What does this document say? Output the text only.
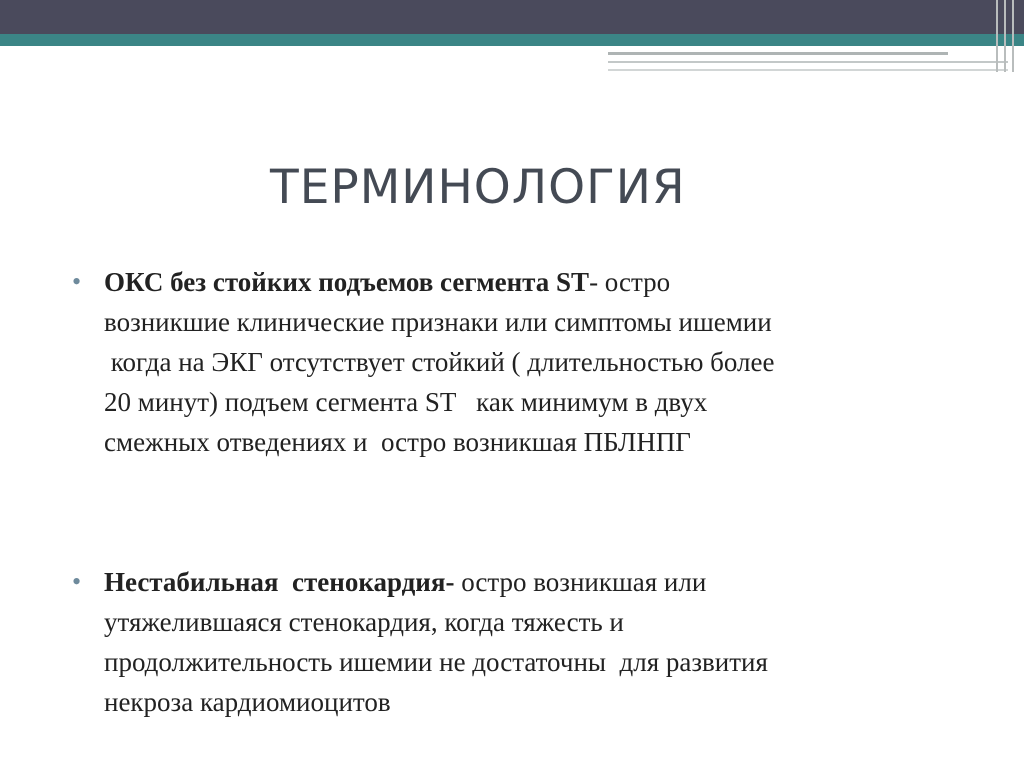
ТЕРМИНОЛОГИЯ
• ОКС без стойких подъемов сегмента ST- остро
возникшие клинические признаки или симптомы ишемии
когда на ЭКГ отсутствует стойкий ( длительностью более
20 минут) подъем сегмента ST   как минимум в двух
смежных отведениях и  остро возникшая ПБЛНПГ
• Нестабильная  стенокардия- остро возникшая или
утяжелившаяся стенокардия, когда тяжесть и
продолжительность ишемии не достаточны  для развития
некроза кардиомиоцитов
